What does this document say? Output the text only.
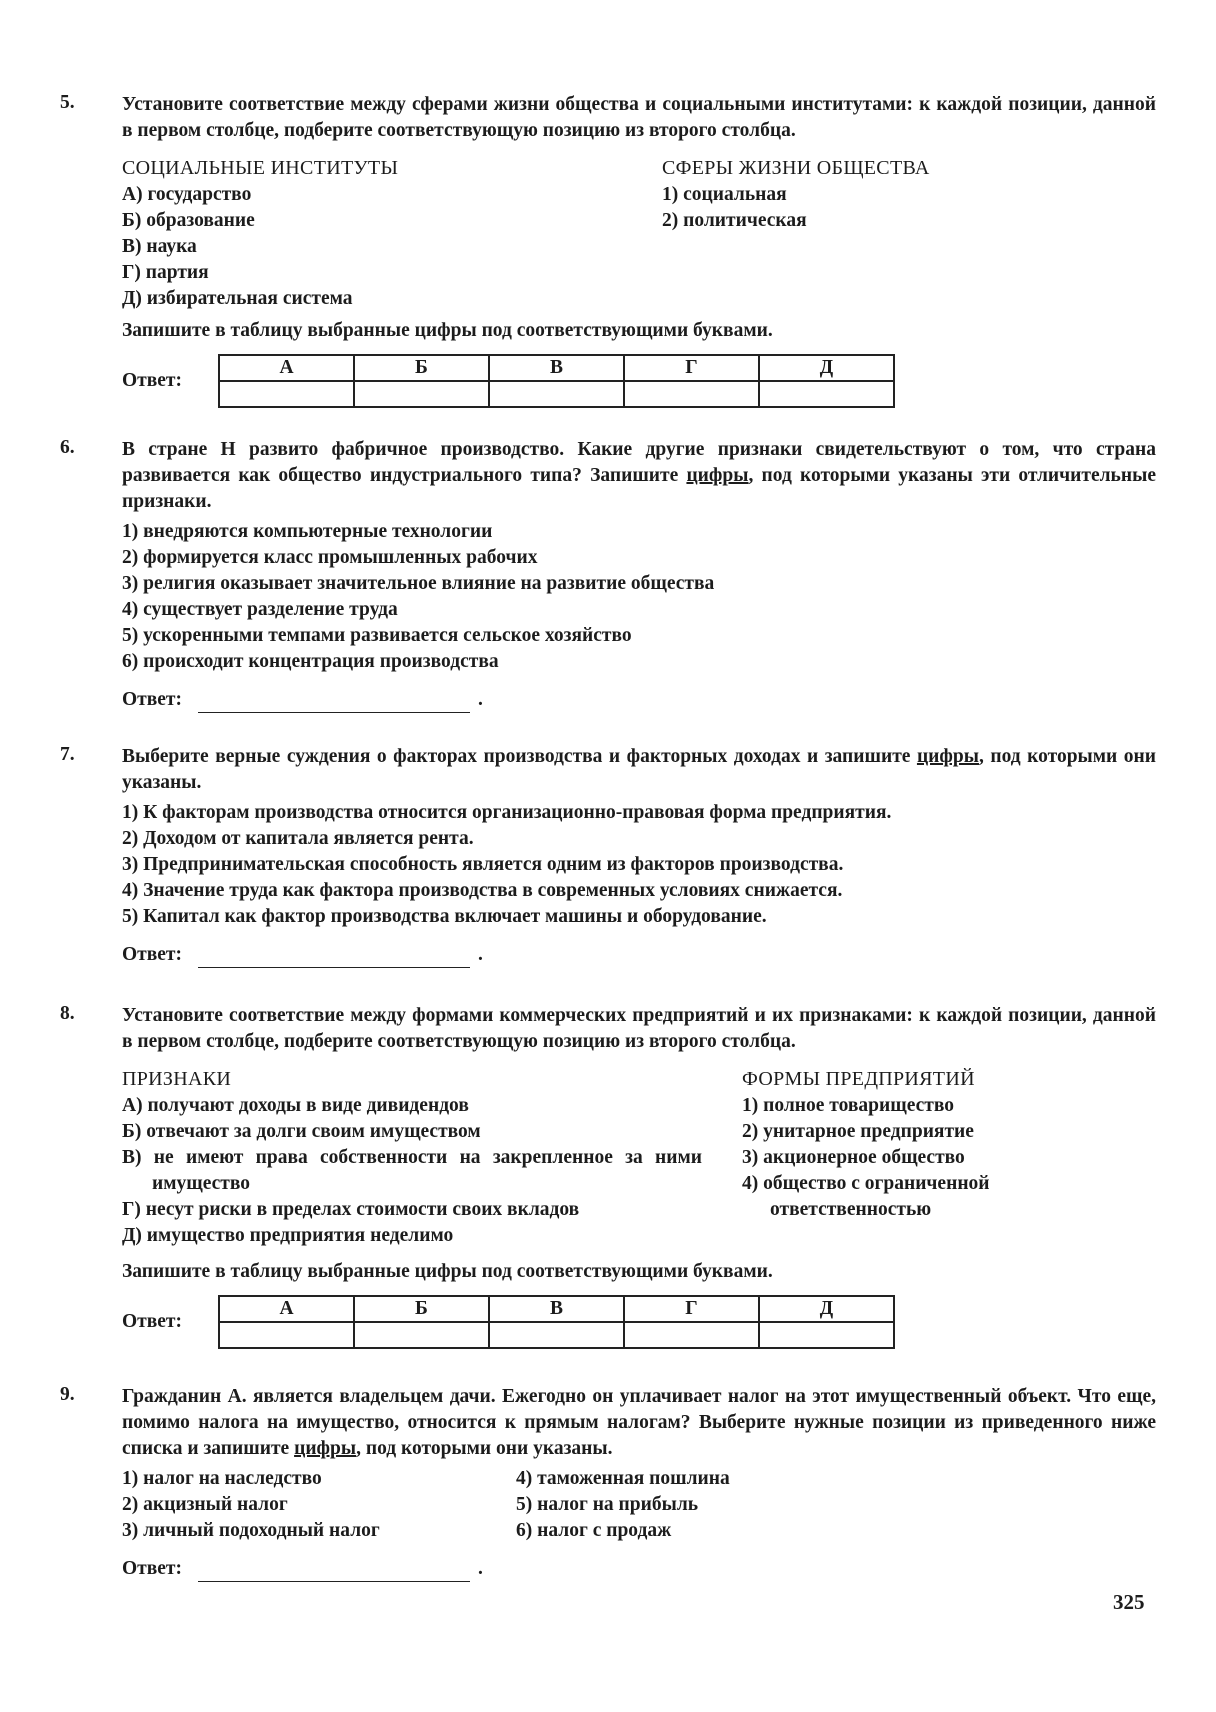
5. Установите соответствие между сферами жизни общества и социальными институтами: к каждой позиции, данной в первом столбце, подберите соответствующую позицию из второго столбца.
СОЦИАЛЬНЫЕ ИНСТИТУТЫ
А) государство
Б) образование
В) наука
Г) партия
Д) избирательная система
СФЕРЫ ЖИЗНИ ОБЩЕСТВА
1) социальная
2) политическая
Запишите в таблицу выбранные цифры под соответствующими буквами.
Ответ:
А	Б	В	Г	Д

6. В стране Н развито фабричное производство. Какие другие признаки свидетельствуют о том, что страна развивается как общество индустриального типа? Запишите цифры, под которыми указаны эти отличительные признаки.
1) внедряются компьютерные технологии
2) формируется класс промышленных рабочих
3) религия оказывает значительное влияние на развитие общества
4) существует разделение труда
5) ускоренными темпами развивается сельское хозяйство
6) происходит концентрация производства
Ответ:	.
7. Выберите верные суждения о факторах производства и факторных доходах и запишите цифры, под которыми они указаны.
1) К факторам производства относится организационно-правовая форма предприятия.
2) Доходом от капитала является рента.
3) Предпринимательская способность является одним из факторов производства.
4) Значение труда как фактора производства в современных условиях снижается.
5) Капитал как фактор производства включает машины и оборудование.
Ответ:	.
8. Установите соответствие между формами коммерческих предприятий и их признаками: к каждой позиции, данной в первом столбце, подберите соответствующую позицию из второго столбца.
ПРИЗНАКИ
А) получают доходы в виде дивидендов
Б) отвечают за долги своим имуществом
В) не имеют права собственности на закрепленное за ними имущество
Г) несут риски в пределах стоимости своих вкладов
Д) имущество предприятия неделимо
ФОРМЫ ПРЕДПРИЯТИЙ
1) полное товарищество
2) унитарное предприятие
3) акционерное общество
4) общество с ограниченной ответственностью
Запишите в таблицу выбранные цифры под соответствующими буквами.
Ответ:
А	Б	В	Г	Д

9. Гражданин А. является владельцем дачи. Ежегодно он уплачивает налог на этот имущественный объект. Что еще, помимо налога на имущество, относится к прямым налогам? Выберите нужные позиции из приведенного ниже списка и запишите цифры, под которыми они указаны.
1) налог на наследство
2) акцизный налог
3) личный подоходный налог
4) таможенная пошлина
5) налог на прибыль
6) налог с продаж
Ответ:	.
325
